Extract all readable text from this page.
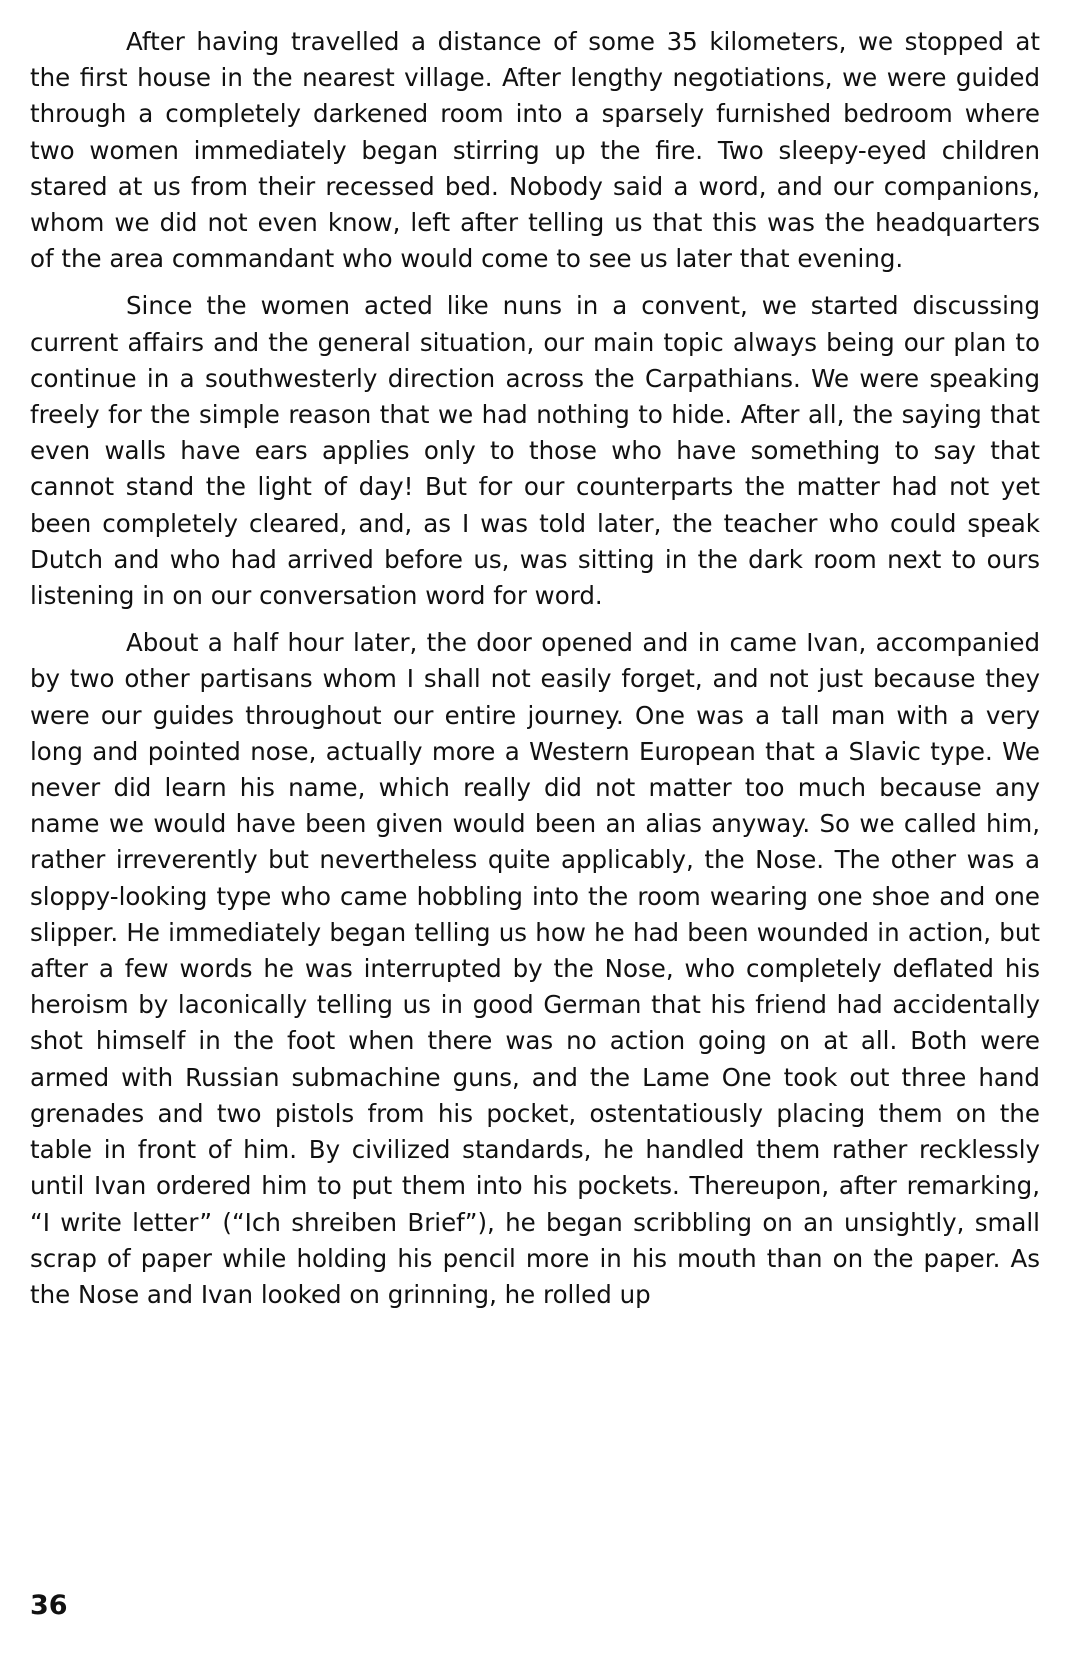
After having travelled a distance of some 35 kilometers, we stopped at the first house in the nearest village. After lengthy negotiations, we were guided through a completely darkened room into a sparsely furnished bedroom where two women immediately began stirring up the fire. Two sleepy-eyed children stared at us from their recessed bed. Nobody said a word, and our companions, whom we did not even know, left after telling us that this was the headquarters of the area commandant who would come to see us later that evening.

Since the women acted like nuns in a convent, we started discussing current affairs and the general situation, our main topic always being our plan to continue in a southwesterly direction across the Carpathians. We were speaking freely for the simple reason that we had nothing to hide. After all, the saying that even walls have ears applies only to those who have something to say that cannot stand the light of day! But for our counterparts the matter had not yet been completely cleared, and, as I was told later, the teacher who could speak Dutch and who had arrived before us, was sitting in the dark room next to ours listening in on our conversation word for word.

About a half hour later, the door opened and in came Ivan, accompanied by two other partisans whom I shall not easily forget, and not just because they were our guides throughout our entire journey. One was a tall man with a very long and pointed nose, actually more a Western European that a Slavic type. We never did learn his name, which really did not matter too much because any name we would have been given would been an alias anyway. So we called him, rather irreverently but nevertheless quite applicably, the Nose. The other was a sloppy-looking type who came hobbling into the room wearing one shoe and one slipper. He immediately began telling us how he had been wounded in action, but after a few words he was interrupted by the Nose, who completely deflated his heroism by laconically telling us in good German that his friend had accidentally shot himself in the foot when there was no action going on at all. Both were armed with Russian submachine guns, and the Lame One took out three hand grenades and two pistols from his pocket, ostentatiously placing them on the table in front of him. By civilized standards, he handled them rather recklessly until Ivan ordered him to put them into his pockets. Thereupon, after remarking, “I write letter” (“Ich shreiben Brief”), he began scribbling on an unsightly, small scrap of paper while holding his pencil more in his mouth than on the paper. As the Nose and Ivan looked on grinning, he rolled up

36
